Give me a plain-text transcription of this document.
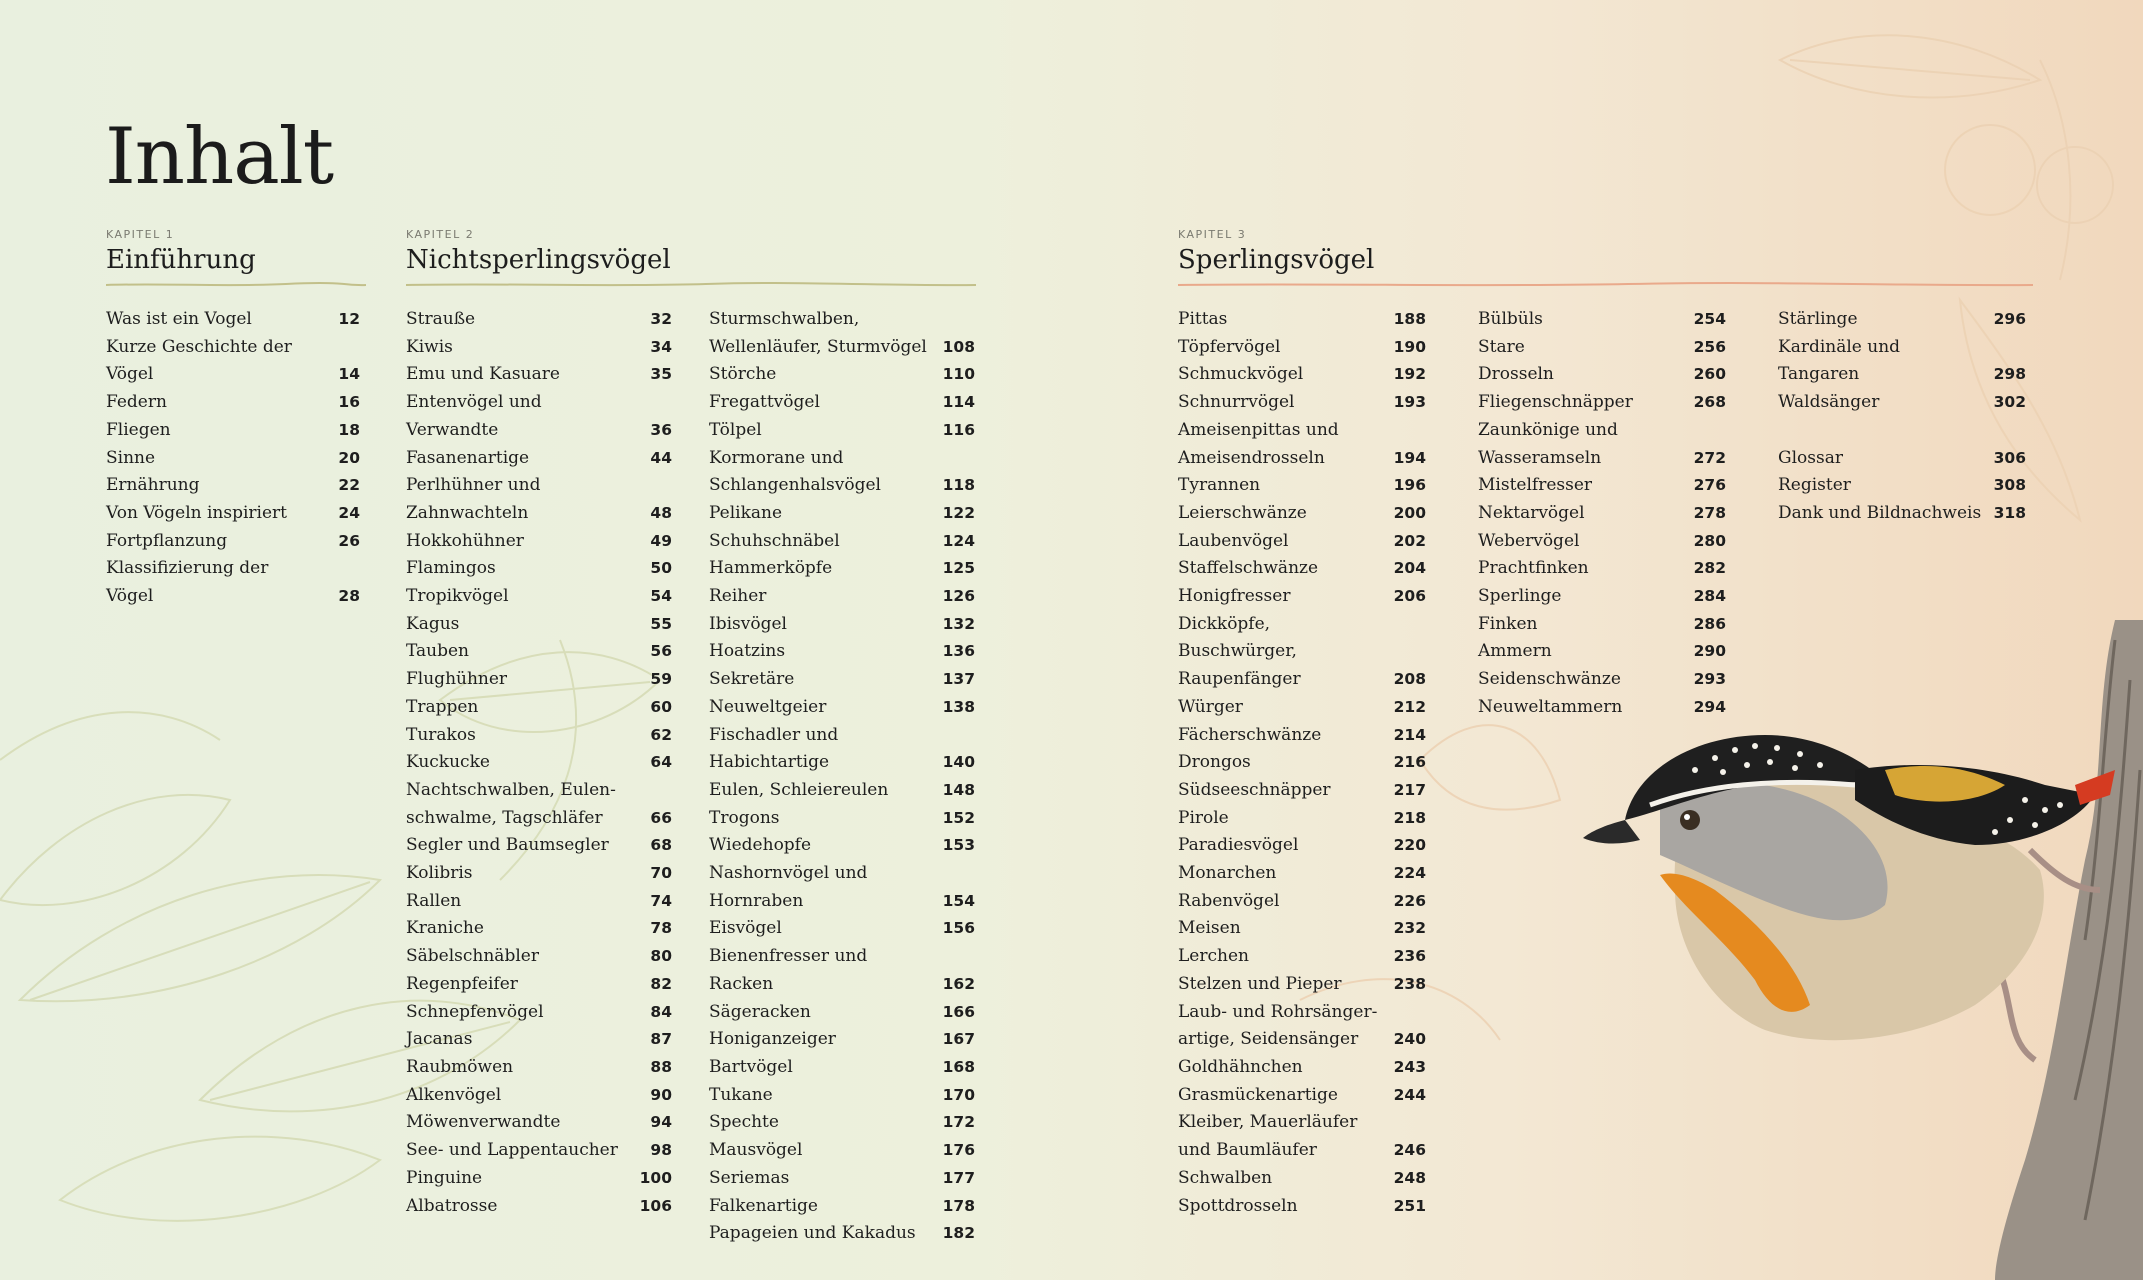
Inhalt
KAPITEL 1
Einführung
KAPITEL 2
Nichtsperlingsvögel
KAPITEL 3
Sperlingsvögel
Was ist ein Vogel	12
Kurze Geschichte der Vögel	14
Federn	16
Fliegen	18
Sinne	20
Ernährung	22
Von Vögeln inspiriert	24
Fortpflanzung	26
Klassifizierung der Vögel	28
Strauße	32
Kiwis	34
Emu und Kasuare	35
Entenvögel und Verwandte	36
Fasanenartige	44
Perlhühner und
Zahnwachteln	48
Hokkohühner	49
Flamingos	50
Tropikvögel	54
Kagus	55
Tauben	56
Flughühner	59
Trappen	60
Turakos	62
Kuckucke	64
Nachtschwalben, Eulen-
schwalme, Tagschläfer	66
Segler und Baumsegler	68
Kolibris	70
Rallen	74
Kraniche	78
Säbelschnäbler	80
Regenpfeifer	82
Schnepfenvögel	84
Jacanas	87
Raubmöwen	88
Alkenvögel	90
Möwenverwandte	94
See- und Lappentaucher	98
Pinguine	100
Albatrosse	106
Sturmschwalben,
Wellenläufer, Sturmvögel	108
Störche	110
Fregattvögel	114
Tölpel	116
Kormorane und
Schlangenhalsvögel	118
Pelikane	122
Schuhschnäbel	124
Hammerköpfe	125
Reiher	126
Ibisvögel	132
Hoatzins	136
Sekretäre	137
Neuweltgeier	138
Fischadler und Habichtartige	140
Eulen, Schleiereulen	148
Trogons	152
Wiedehopfe	153
Nashornvögel und
Hornraben	154
Eisvögel	156
Bienenfresser und Racken	162
Sägeracken	166
Honiganzeiger	167
Bartvögel	168
Tukane	170
Spechte	172
Mausvögel	176
Seriemas	177
Falkenartige	178
Papageien und Kakadus	182
Pittas	188
Töpfervögel	190
Schmuckvögel	192
Schnurrvögel	193
Ameisenpittas und
Ameisendrosseln	194
Tyrannen	196
Leierschwänze	200
Laubenvögel	202
Staffelschwänze	204
Honigfresser	206
Dickköpfe, Buschwürger,
Raupenfänger	208
Würger	212
Fächerschwänze	214
Drongos	216
Südseeschnäpper	217
Pirole	218
Paradiesvögel	220
Monarchen	224
Rabenvögel	226
Meisen	232
Lerchen	236
Stelzen und Pieper	238
Laub- und Rohrsänger-
artige, Seidensänger	240
Goldhähnchen	243
Grasmückenartige	244
Kleiber, Mauerläufer
und Baumläufer	246
Schwalben	248
Spottdrosseln	251
Bülbüls	254
Stare	256
Drosseln	260
Fliegenschnäpper	268
Zaunkönige und
Wasseramseln	272
Mistelfresser	276
Nektarvögel	278
Webervögel	280
Prachtfinken	282
Sperlinge	284
Finken	286
Ammern	290
Seidenschwänze	293
Neuweltammern	294
Stärlinge	296
Kardinäle und Tangaren	298
Waldsänger	302
Glossar	306
Register	308
Dank und Bildnachweis 318
